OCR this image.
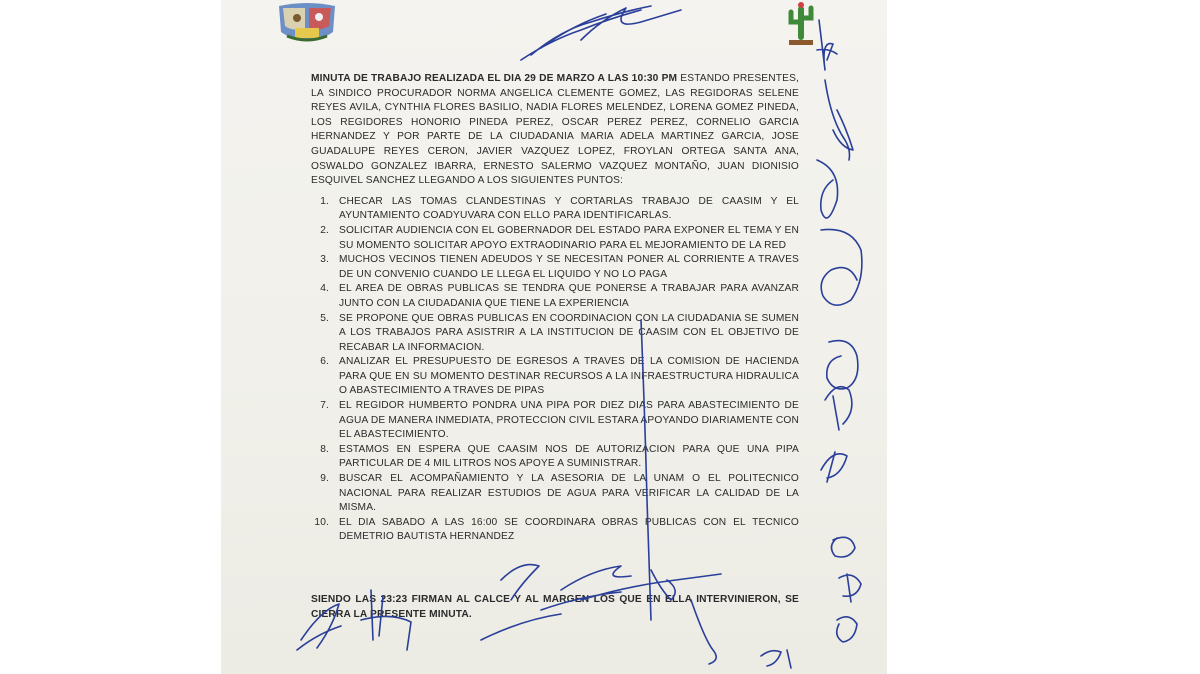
MINUTA DE TRABAJO REALIZADA EL DIA 29 DE MARZO A LAS 10:30 PM ESTANDO PRESENTES, LA SINDICO PROCURADOR NORMA ANGELICA CLEMENTE GOMEZ, LAS REGIDORAS SELENE REYES AVILA, CYNTHIA FLORES BASILIO, NADIA FLORES MELENDEZ, LORENA GOMEZ PINEDA, LOS REGIDORES HONORIO PINEDA PEREZ, OSCAR PEREZ PEREZ, CORNELIO GARCIA HERNANDEZ Y POR PARTE DE LA CIUDADANIA MARIA ADELA MARTINEZ GARCIA, JOSE GUADALUPE REYES CERON, JAVIER VAZQUEZ LOPEZ, FROYLAN ORTEGA SANTA ANA, OSWALDO GONZALEZ IBARRA, ERNESTO SALERMO VAZQUEZ MONTAÑO, JUAN DIONISIO ESQUIVEL SANCHEZ LLEGANDO A LOS SIGUIENTES PUNTOS:

1. CHECAR LAS TOMAS CLANDESTINAS Y CORTARLAS TRABAJO DE CAASIM Y EL AYUNTAMIENTO COADYUVARA CON ELLO PARA IDENTIFICARLAS.
2. SOLICITAR AUDIENCIA CON EL GOBERNADOR DEL ESTADO PARA EXPONER EL TEMA Y EN SU MOMENTO SOLICITAR APOYO EXTRAODINARIO PARA EL MEJORAMIENTO DE LA RED
3. MUCHOS VECINOS TIENEN ADEUDOS Y SE NECESITAN PONER AL CORRIENTE A TRAVES DE UN CONVENIO CUANDO LE LLEGA EL LIQUIDO Y NO LO PAGA
4. EL AREA DE OBRAS PUBLICAS SE TENDRA QUE PONERSE A TRABAJAR PARA AVANZAR JUNTO CON LA CIUDADANIA QUE TIENE LA EXPERIENCIA
5. SE PROPONE QUE OBRAS PUBLICAS EN COORDINACION CON LA CIUDADANIA SE SUMEN A LOS TRABAJOS PARA ASISTRIR A LA INSTITUCION DE CAASIM CON EL OBJETIVO DE RECABAR LA INFORMACION.
6. ANALIZAR EL PRESUPUESTO DE EGRESOS A TRAVES DE LA COMISION DE HACIENDA PARA QUE EN SU MOMENTO DESTINAR RECURSOS A LA INFRAESTRUCTURA HIDRAULICA O ABASTECIMIENTO A TRAVES DE PIPAS
7. EL REGIDOR HUMBERTO PONDRA UNA PIPA POR DIEZ DIAS PARA ABASTECIMIENTO DE AGUA DE MANERA INMEDIATA, PROTECCION CIVIL ESTARA APOYANDO DIARIAMENTE CON EL ABASTECIMIENTO.
8. ESTAMOS EN ESPERA QUE CAASIM NOS DE AUTORIZACION PARA QUE UNA PIPA PARTICULAR DE 4 MIL LITROS NOS APOYE A SUMINISTRAR.
9. BUSCAR EL ACOMPAÑAMIENTO Y LA ASESORIA DE LA UNAM O EL POLITECNICO NACIONAL PARA REALIZAR ESTUDIOS DE AGUA PARA VERIFICAR LA CALIDAD DE LA MISMA.
10. EL DIA SABADO A LAS 16:00 SE COORDINARA OBRAS PUBLICAS CON EL TECNICO DEMETRIO BAUTISTA HERNANDEZ

SIENDO LAS 23:23 FIRMAN AL CALCE Y AL MARGEN LOS QUE EN ELLA INTERVINIERON, SE CIERRA LA PRESENTE MINUTA.
